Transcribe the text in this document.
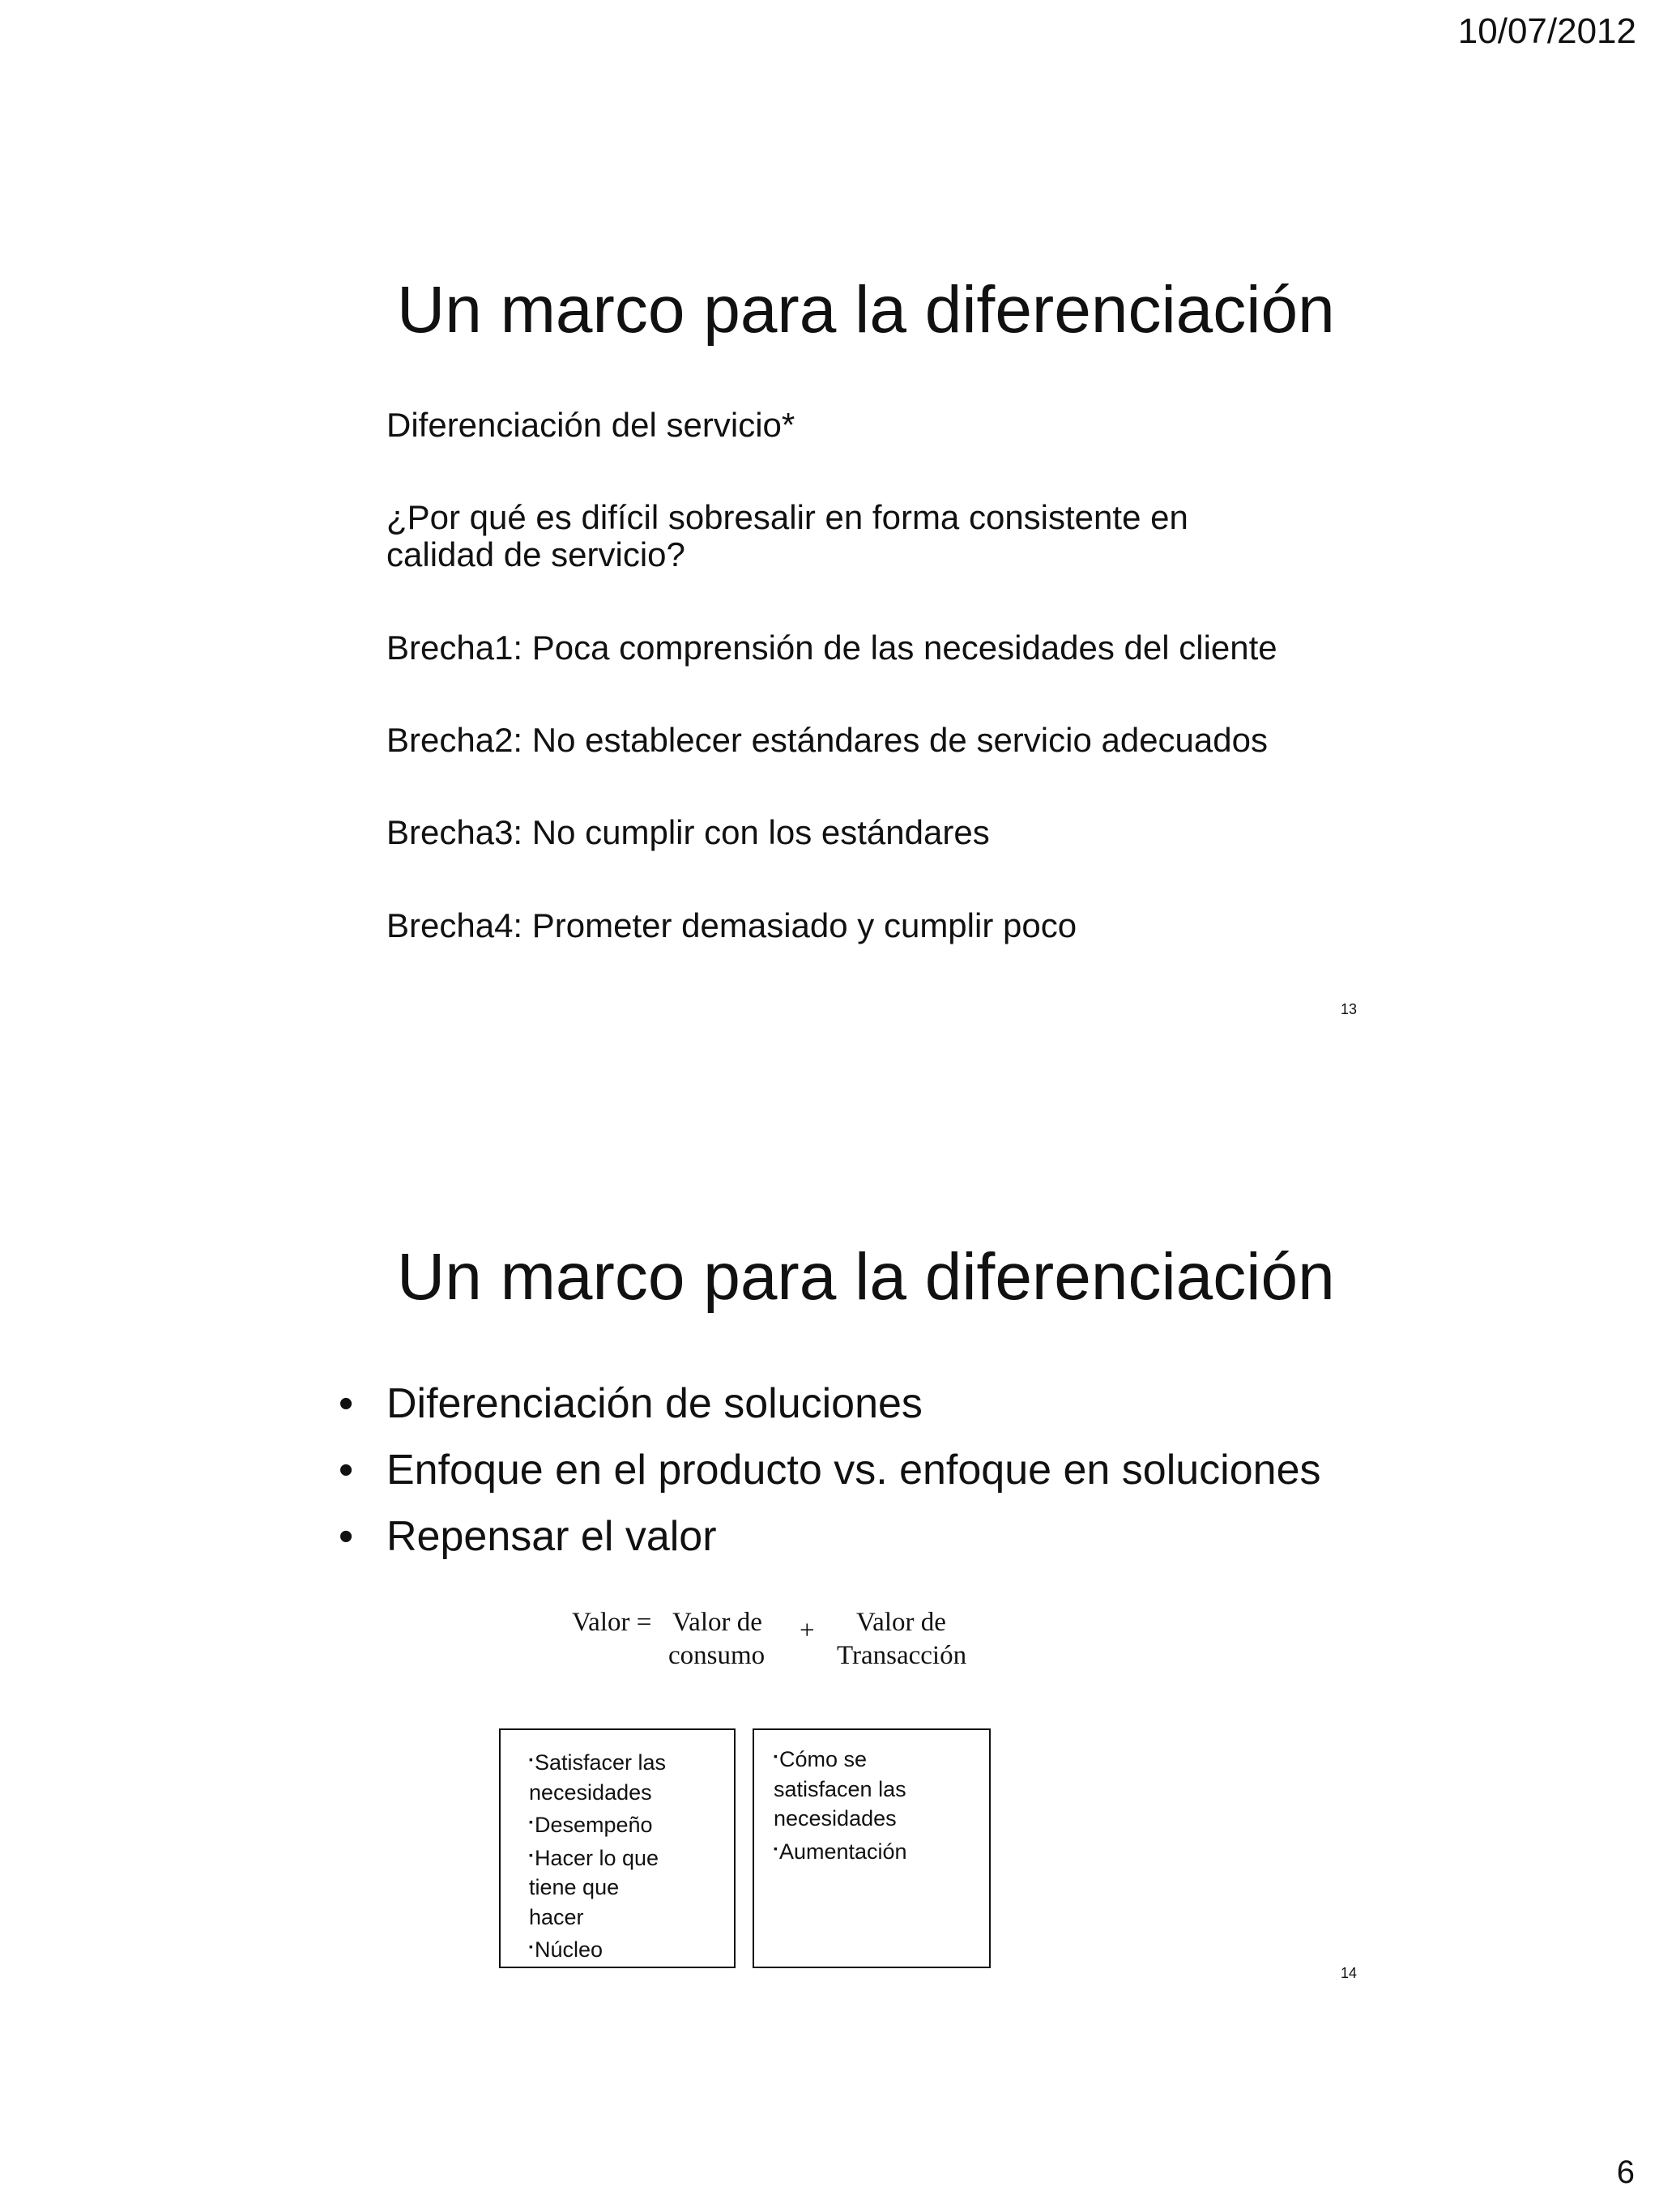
10/07/2012
6
Un marco para la diferenciación
Diferenciación del servicio*
¿Por qué es difícil sobresalir en forma consistente en
calidad de servicio?
Brecha1: Poca comprensión de las necesidades del cliente
Brecha2: No establecer estándares de servicio adecuados
Brecha3: No cumplir con los estándares
Brecha4: Prometer demasiado y cumplir poco
13
Un marco para la diferenciación
• Diferenciación de soluciones
• Enfoque en el producto vs. enfoque en soluciones
• Repensar el valor
Valor = Valor de
consumo
+ Valor de
Transacción
▪Satisfacer las
necesidades
▪Desempeño
▪Hacer lo que
tiene que
hacer
▪Núcleo
▪Cómo se
satisfacen las
necesidades
▪Aumentación
14
